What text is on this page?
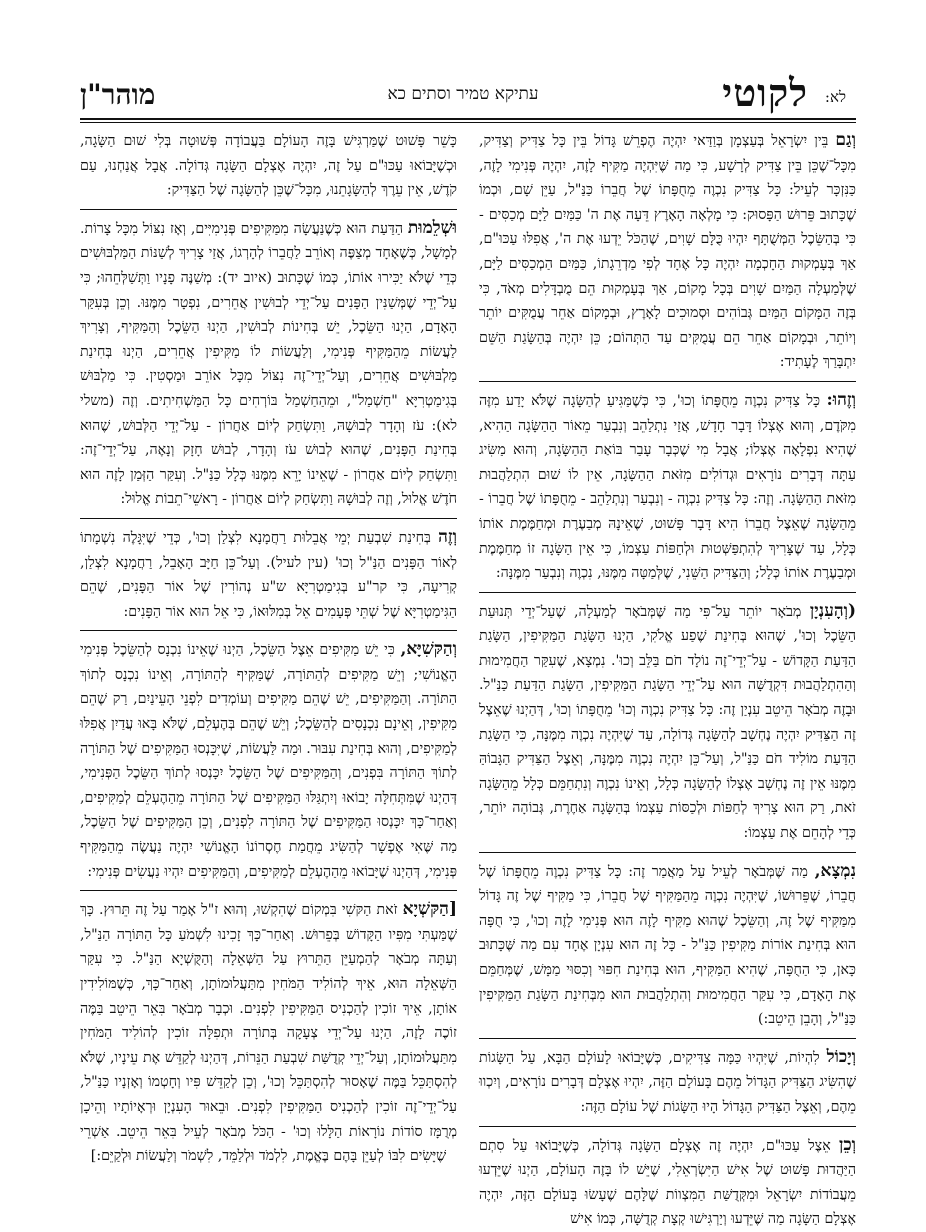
לא:
לקוטי
עתיקא טמיר וסתים כא
מוהר"ן

וְגַם בֵּין יִשְׂרָאֵל בְּעַצְמָן בְּוַדַּאי יִהְיֶה הֶפְרֵשׁ גָּדוֹל בֵּין כָּל צַדִּיק וְצַדִּיק, מִכָּל־שֶׁכֵּן בֵּין צַדִּיק לְרָשָׁע, כִּי מַה שֶּׁיִּהְיֶה מַקִּיף לָזֶה, יִהְיֶה פְּנִימִי לָזֶה, כַּנִּזְכָּר לְעֵיל: כָּל צַדִּיק נִכְוֶה מֵחֻפָּתוֹ שֶׁל חֲבֵרוֹ כַּנַּ"ל, עַיֵּן שָׁם, וּכְמוֹ שֶׁכָּתוּב פֵּרוּשׁ הַפָּסוּק: כִּי מָלְאָה הָאָרֶץ דֵּעָה אֶת ה' כַּמַּיִם לַיָּם מְכַסִּים - כִּי בְּהַשֵּׂכֶל הַמְּשֻׁתָּף יִהְיוּ כֻּלָּם שָׁוִים, שֶׁהַכֹּל יֵדְעוּ אֶת ה', אֲפִלּוּ עַכּוּ"ם, אַךְ בְּעָמְקוּת הַחָכְמָה יִהְיֶה כָּל אֶחָד לְפִי מַדְרֵגָתוֹ, כַּמַּיִם הַמְכַסִּים לַיָּם, שֶׁלְּמַעְלָה הַמַּיִם שָׁוִים בְּכָל מָקוֹם, אַךְ בְּעָמְקוּת הֵם מֻבְדָּלִים מְאֹד, כִּי בְּזֶה הַמָּקוֹם הַמַּיִם גְּבוֹהִים וּסְמוּכִים לָאָרֶץ, וּבְמָקוֹם אַחֵר עֲמֻקִּים יוֹתֵר וְיוֹתֵר, וּבְמָקוֹם אַחֵר הֵם עֲמֻקִּים עַד הַתְּהוֹם; כֵּן יִהְיֶה בְּהַשָּׂגַת הַשֵּׁם יִתְבָּרַךְ לֶעָתִיד:

וְזֶהוּ: כָּל צַדִּיק נִכְוֶה מֵחֻפָּתוֹ וְכוּ', כִּי כְּשֶׁמַּגִּיעַ לְהַשָּׂגָה שֶׁלֹּא יָדַע מִזֶּה מִקֹּדֶם, וְהוּא אֶצְלוֹ דָּבָר חָדָשׁ, אֲזַי נִתְלַהֵב וְנִבְעַר מֵאוֹר הַהַשָּׂגָה הַהִיא, שֶׁהִיא נִפְלָאָה אֶצְלוֹ; אֲבָל מִי שֶׁכְּבָר עָבַר בּוֹאַת הַהַשָּׂגָה, וְהוּא מַשִּׂיג עַתָּה דְּבָרִים נוֹרָאִים וּגְדוֹלִים מִזֹּאת הַהַשָּׂגָה, אֵין לוֹ שׁוּם הִתְלַהֲבוּת מִזֹּאת הַהַשָּׂגָה. וְזֶה: כָּל צַדִּיק נִכְוֶה - וְנִבְעַר וְנִתְלַהֵב - מֵחֻפָּתוֹ שֶׁל חֲבֵרוֹ - מֵהַשָּׂגָה שֶׁאֵצֶל חֲבֵרוֹ הִיא דָּבָר פָּשׁוּט, שֶׁאֵינָהּ מְבַעֶרֶת וּמְחַמֶּמֶת אוֹתוֹ כְּלָל, עַד שֶׁצָּרִיךְ לְהִתְפַּשְּׁטוּת וּלְחַפּוֹת עַצְמוֹ, כִּי אֵין הַשָּׂגָה זוֹ מְחַמֶּמֶת וּמְבַעֶרֶת אוֹתוֹ כְּלָל; וְהַצַּדִּיק הַשֵּׁנִי, שֶׁלְּמַטָּה מִמֶּנּוּ, נִכְוֶה וְנִבְעַר מִמֶּנָּה:

(וְהָעִנְיָן מְבֹאָר יוֹתֵר עַל־פִּי מַה שֶּׁמְּבֹאָר לְמַעְלָה, שֶׁעַל־יְדֵי תְּנוּעַת הַשֵּׂכֶל וְכוּ', שֶׁהוּא בְּחִינַת שֶׁפַע אֱלֹקִי, הַיְנוּ הַשָּׂגַת הַמַּקִּיפִין, הַשָּׂגַת הַדַּעַת הַקָּדוֹשׁ - עַל־יְדֵי־זֶה נוֹלָד חֹם בַּלֵּב וְכוּ'. נִמְצָא, שֶׁעִקַּר הַחֲמִימוּת וְהַהִתְלַהֲבוּת דִּקְדֻשָּׁה הוּא עַל־יְדֵי הַשָּׂגַת הַמַּקִּיפִין, הַשָּׂגַת הַדַּעַת כַּנַּ"ל. וּבָזֶה מְבֹאָר הֵיטֵב עִנְיַן זֶה: כָּל צַדִּיק נִכְוֶה וְכוּ' מֵחֻפָּתוֹ וְכוּ', דְּהַיְנוּ שֶׁאֵצֶל זֶה הַצַּדִּיק יִהְיֶה נֶחְשָׁב לְהַשָּׂגָה גְּדוֹלָה, עַד שֶׁיִּהְיֶה נִכְוֶה מִמֶּנָּה, כִּי הַשָּׂגַת הַדַּעַת מוֹלִיד חֹם כַּנַּ"ל, וְעַל־כֵּן יִהְיֶה נִכְוֶה מִמֶּנָּה, וְאֵצֶל הַצַּדִּיק הַגָּבוֹהַּ מִמֶּנּוּ אֵין זֶה נֶחְשָׁב אֶצְלוֹ לְהַשָּׂגָה כְּלָל, וְאֵינוֹ נִכְוֶה וְנִתְחַמֵּם כְּלָל מֵהַשָּׂגָה זֹאת, רַק הוּא צָרִיךְ לְחַפּוֹת וּלְכַסּוֹת עַצְמוֹ בְּהַשָּׂגָה אַחֶרֶת, גְּבוֹהָה יוֹתֵר, כְּדֵי לְהָחֵם אֶת עַצְמוֹ:

נִמְצָא, מַה שֶּׁמְּבֹאָר לְעֵיל עַל מַאֲמַר זֶה: כָּל צַדִּיק נִכְוֶה מֵחֻפָּתוֹ שֶׁל חֲבֵרוֹ, שֶׁפֵּרוּשׁוֹ, שֶׁיִּהְיֶה נִכְוֶה מֵהַמַּקִּיף שֶׁל חֲבֵרוֹ, כִּי מַקִּיף שֶׁל זֶה גָּדוֹל מִמַּקִּיף שֶׁל זֶה, וְהַשֵּׂכֶל שֶׁהוּא מַקִּיף לָזֶה הוּא פְּנִימִי לָזֶה וְכוּ', כִּי חֻפָּה הוּא בְּחִינַת אוֹרוֹת מַקִּיפִין כַּנַּ"ל - כָּל זֶה הוּא עִנְיָן אֶחָד עִם מַה שֶּׁכָּתוּב כָּאן, כִּי הַחֻפָּה, שֶׁהִיא הַמַּקִּיף, הוּא בְּחִינַת חִפּוּי וְכִסּוּי מַמָּשׁ, שֶׁמְּחַמֵּם אֶת הָאָדָם, כִּי עִקַּר הַחֲמִימוּת וְהִתְלַהֲבוּת הוּא מִבְּחִינַת הַשָּׂגַת הַמַּקִּיפִין כַּנַּ"ל, וְהָבֵן הֵיטֵב:)

וְיָכוֹל לִהְיוֹת, שֶׁיִּהְיוּ כַּמָּה צַדִּיקִים, כְּשֶׁיָּבוֹאוּ לָעוֹלָם הַבָּא, עַל הַשָּׂגוֹת שֶׁהִשִּׂיג הַצַּדִּיק הַגָּדוֹל מֵהֶם בָּעוֹלָם הַזֶּה, יִהְיוּ אֶצְלָם דְּבָרִים נוֹרָאִים, וְיִכְווּ מֵהֶם, וְאֵצֶל הַצַּדִּיק הַגָּדוֹל הָיוּ הַשָּׂגוֹת שֶׁל עוֹלָם הַזֶּה:

וְכֵן אֵצֶל עַכּוּ"ם, יִהְיֶה זֶה אֶצְלָם הַשָּׂגָה גְּדוֹלָה, כְּשֶׁיָּבוֹאוּ עַל סִתְם הַיַּהֲדוּת פָּשׁוּט שֶׁל אִישׁ הַיִּשְׂרְאֵלִי, שֶׁיֵּשׁ לוֹ בָּזֶה הָעוֹלָם, הַיְנוּ שֶׁיֵּדְעוּ מֵעֲבוֹדוֹת יִשְׂרָאֵל וּמִקְּדֻשַּׁת הַמִּצְווֹת שֶׁלָּהֶם שֶׁעָשׂוּ בָּעוֹלָם הַזֶּה, יִהְיֶה אֶצְלָם הַשָּׂגָה מַה שֶּׁיֵּדְעוּ וְיַרְגִּישׁוּ קְצָת קְדֻשָּׁה, כְּמוֹ אִישׁ

כָּשֵׁר פָּשׁוּט שֶׁמַּרְגִּישׁ בָּזֶה הָעוֹלָם בַּעֲבוֹדָה פְּשׁוּטָה בְּלִי שׁוּם הַשָּׂגָה, וּכְשֶׁיָּבוֹאוּ עַכּוּ"ם עַל זֶה, יִהְיֶה אֶצְלָם הַשָּׂגָה גְּדוֹלָה. אֲבָל אֲנַחְנוּ, עַם קֹדֶשׁ, אֵין עֵרֶךְ לְהַשָּׂגָתֵנוּ, מִכָּל־שֶׁכֵּן לְהַשָּׂגָה שֶׁל הַצַּדִּיק:

וּשְׁלֵמוּת הַדַּעַת הוּא כְּשֶׁנַּעֲשָׂה מִמַּקִּיפִים פְּנִימִיִּים, וְאָז נִצּוֹל מִכָּל צָרוֹת. לְמָשָׁל, כְּשֶׁאָחָד מְצַפֶּה וְאוֹרֵב לַחֲבֵרוֹ לְהָרְגוֹ, אֲזַי צָרִיךְ לְשַׁנּוֹת הַמַּלְבּוּשִׁים כְּדֵי שֶׁלֹּא יַכִּירוּ אוֹתוֹ, כְּמוֹ שֶׁכָּתוּב (איוב יד): מְשַׁנֶּה פָנָיו וַתְּשַׁלְּחֵהוּ; כִּי עַל־יְדֵי שֶׁמְּשַׁנִּין הַפָּנִים עַל־יְדֵי לְבוּשִׁין אֲחֵרִים, נִפְטָר מִמֶּנּוּ. וְכֵן בְּעִקַּר הָאָדָם, הַיְנוּ הַשֵּׂכֶל, יֵשׁ בְּחִינוֹת לְבוּשִׁין, הַיְנוּ הַשֵּׂכֶל וְהַמַּקִּיף, וְצָרִיךְ לַעֲשׂוֹת מֵהַמַּקִּיף פְּנִימִי, וְלַעֲשׂוֹת לוֹ מַקִּיפִין אֲחֵרִים, הַיְנוּ בְּחִינַת מַלְבּוּשִׁים אֲחֵרִים, וְעַל־יְדֵי־זֶה נִצּוֹל מִכָּל אוֹרֵב וּמַסְטִין. כִּי מַלְבּוּשׁ בְּגִימַטְרִיָּא "חַשְׁמַל", וּמֵהַחַשְׁמַל בּוֹרְחִים כָּל הַמַּשְׁחִיתִים. וְזֶה (משלי לא): עֹז וְהָדָר לְבוּשָׁהּ, וַתִּשְׂחַק לְיוֹם אַחֲרוֹן - עַל־יְדֵי הַלְּבוּשׁ, שֶׁהוּא בְּחִינַת הַפָּנִים, שֶׁהוּא לְבוּשׁ עֹז וְהָדָר, לְבוּשׁ חָזָק וְנָאֶה, עַל־יְדֵי־זֶה: וַתִּשְׂחַק לְיוֹם אַחֲרוֹן - שֶׁאֵינוֹ יָרֵא מִמֶּנּוּ כְּלָל כַּנַּ"ל. וְעִקַּר הַזְּמַן לָזֶה הוּא חֹדֶשׁ אֱלוּל, וְזֶה לְבוּשָׁהּ וַתִּשְׂחַק לְיוֹם אַחֲרוֹן - רָאשֵׁי־תֵבוֹת אֱלוּל:

וְזֶה בְּחִינַת שִׁבְעַת יְמֵי אֲבֵלוּת רַחֲמָנָא לִצְלַן וְכוּ', כְּדֵי שֶׁיִּגָּלֶה נִשְׁמָתוֹ לְאוֹר הַפָּנִים הַנַּ"ל וְכוּ' (עין לעיל). וְעַל־כֵּן חַיָּב הָאָבֵל, רַחֲמָנָא לִצְלַן, קְרִיעָה, כִּי קר"ע בְּגִימַטְרִיָּא ש"ע נְהוֹרִין שֶׁל אוֹר הַפָּנִים, שֶׁהֵם הַגִּימַטְרִיָּא שֶׁל שְׁתֵּי פְּעָמִים אֵל בְּמִלּוּאוֹ, כִּי אֵל הוּא אוֹר הַפָּנִים:

וְהַקּשִׁיָּא, כִּי יֵשׁ מַקִּיפִים אֵצֶל הַשֵּׂכֶל, הַיְנוּ שֶׁאֵינוֹ נִכְנָס לְהַשֵּׂכֶל פְּנִימִי הָאֱנוֹשִׁי; וְיֵשׁ מַקִּיפִים לְהַתּוֹרָה, שֶׁמַּקִּיף לְהַתּוֹרָה, וְאֵינוֹ נִכְנָס לְתוֹךְ הַתּוֹרָה. וְהַמַּקִּיפִים, יֵשׁ שֶׁהֵם מַקִּיפִים וְעוֹמְדִים לִפְנֵי הָעֵינַיִם, רַק שֶׁהֵם מַקִּיפִין, וְאֵינָם נִכְנָסִים לְהַשֵּׂכֶל; וְיֵשׁ שֶׁהֵם בְּהֶעְלֵם, שֶׁלֹּא בָּאוּ עֲדַיִן אֲפִלּוּ לְמַקִּיפִים, וְהוּא בְּחִינַת עִבּוּר. וּמַה לַּעֲשׂוֹת, שֶׁיִּכָּנְסוּ הַמַּקִּיפִים שֶׁל הַתּוֹרָה לְתוֹךְ הַתּוֹרָה בִּפְנִים, וְהַמַּקִּיפִים שֶׁל הַשֵּׂכֶל יִכָּנְסוּ לְתוֹךְ הַשֵּׂכֶל הַפְּנִימִי, דְּהַיְנוּ שֶׁמִּתְּחִלָּה יָבוֹאוּ וְיִתְגַּלּוּ הַמַּקִּיפִים שֶׁל הַתּוֹרָה מֵהַהֶעְלֵם לְמַקִּיפִים, וְאַחַר־כָּךְ יִכָּנְסוּ הַמַּקִּיפִים שֶׁל הַתּוֹרָה לִפְנִים, וְכֵן הַמַּקִּיפִים שֶׁל הַשֵּׂכֶל, מַה שֶּׁאִי אֶפְשָׁר לְהַשִּׂיג מֵחֲמַת חֶסְרוֹנוֹ הָאֱנוֹשִׁי יִהְיֶה נַעֲשֶׂה מֵהַמַּקִּיף פְּנִימִי, דְּהַיְנוּ שֶׁיָּבוֹאוּ מֵהַהֶעְלֵם לְמַקִּיפִים, וְהַמַּקִּיפִים יִהְיוּ נַעֲשִׂים פְּנִימִי:

[הַקּשְׁיָא זֹאת הַקּשִׁי בִּמְקוֹם שֶׁהִקְשׁוּ, וְהוּא ז"ל אָמַר עַל זֶה תֵּרוּץ. כָּךְ שֶׁמַּעְתִּי מִפִּיו הַקָּדוֹשׁ בְּפֵרוּשׁ. וְאַחַר־כָּךְ זָכִינוּ לִשְׁמֹעַ כָּל הַתּוֹרָה הַנַּ"ל, וְעַתָּה מְבֹאָר לְהַמְעַיֵּן הַתֵּרוּץ עַל הַשְּׁאֵלָה וְהַקֻּשְׁיָא הַנַּ"ל. כִּי עִקַּר הַשְּׁאֵלָה הוּא, אֵיךְ לְהוֹלִיד הַמֹּחִין מִתַּעֲלוּמוֹתָן, וְאַחַר־כָּךְ, כְּשֶׁמּוֹלִידִין אוֹתָן, אֵיךְ זוֹכִין לְהַכְנִיס הַמַּקִּיפִין לִפְנִים. וּכְבָר מְבֹאָר בִּאֵר הֵיטֵב בַּמֶּה זוֹכֶה לָזֶה, הַיְנוּ עַל־יְדֵי צְעָקָה בְּתוֹרָה וּתְפִלָּה זוֹכִין לְהוֹלִיד הַמֹּחִין מִתַּעֲלוּמוֹתָן, וְעַל־יְדֵי קְדֻשַּׁת שִׁבְעַת הַנֵּרוֹת, דְּהַיְנוּ לְקַדֵּשׁ אֶת עֵינָיו, שֶׁלֹּא לְהִסְתַּכֵּל בַּמֶּה שֶׁאָסוּר לְהִסְתַּכֵּל וְכוּ', וְכֵן לְקַדֵּשׁ פִּיו וְחָטְמוֹ וְאָזְנָיו כַּנַּ"ל, עַל־יְדֵי־זֶה זוֹכִין לְהַכְנִיס הַמַּקִּיפִין לִפְנִים. וּבֵאוּר הָעִנְיָן וּרְאָיוֹתָיו וְהֵיכָן מְרֻמָּז סוֹדוֹת נוֹרָאוֹת הַלָּלוּ וְכוּ' - הַכֹּל מְבֹאָר לְעֵיל בִּאֵר הֵיטֵב. אַשְׁרֵי שֶׁיָּשִׂים לִבּוֹ לְעַיֵּן בָּהֶם בֶּאֱמֶת, לִלְמֹד וּלְלַמֵּד, לִשְׁמֹר וְלַעֲשׂוֹת וּלְקַיֵּם:]
